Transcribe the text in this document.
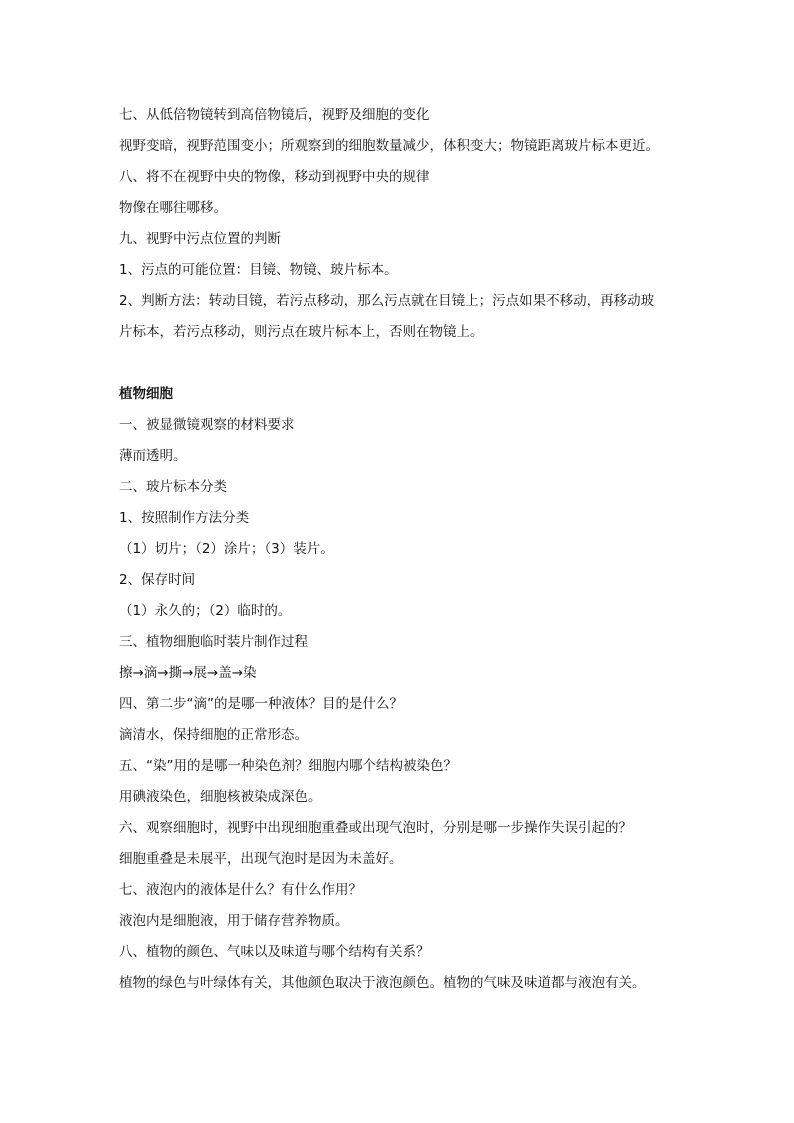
七、从低倍物镜转到高倍物镜后，视野及细胞的变化
视野变暗，视野范围变小；所观察到的细胞数量减少，体积变大；物镜距离玻片标本更近。
八、将不在视野中央的物像，移动到视野中央的规律
物像在哪往哪移。
九、视野中污点位置的判断
1、污点的可能位置：目镜、物镜、玻片标本。
2、判断方法：转动目镜，若污点移动，那么污点就在目镜上；污点如果不移动，再移动玻
片标本，若污点移动，则污点在玻片标本上，否则在物镜上。
植物细胞
一、被显微镜观察的材料要求
薄而透明。
二、玻片标本分类
1、按照制作方法分类
（1）切片；（2）涂片；（3）装片。
2、保存时间
（1）永久的；（2）临时的。
三、植物细胞临时装片制作过程
擦→滴→撕→展→盖→染
四、第二步“滴”的是哪一种液体？目的是什么？
滴清水，保持细胞的正常形态。
五、“染”用的是哪一种染色剂？细胞内哪个结构被染色？
用碘液染色，细胞核被染成深色。
六、观察细胞时，视野中出现细胞重叠或出现气泡时，分别是哪一步操作失误引起的？
细胞重叠是未展平，出现气泡时是因为未盖好。
七、液泡内的液体是什么？有什么作用？
液泡内是细胞液，用于储存营养物质。
八、植物的颜色、气味以及味道与哪个结构有关系？
植物的绿色与叶绿体有关，其他颜色取决于液泡颜色。植物的气味及味道都与液泡有关。
